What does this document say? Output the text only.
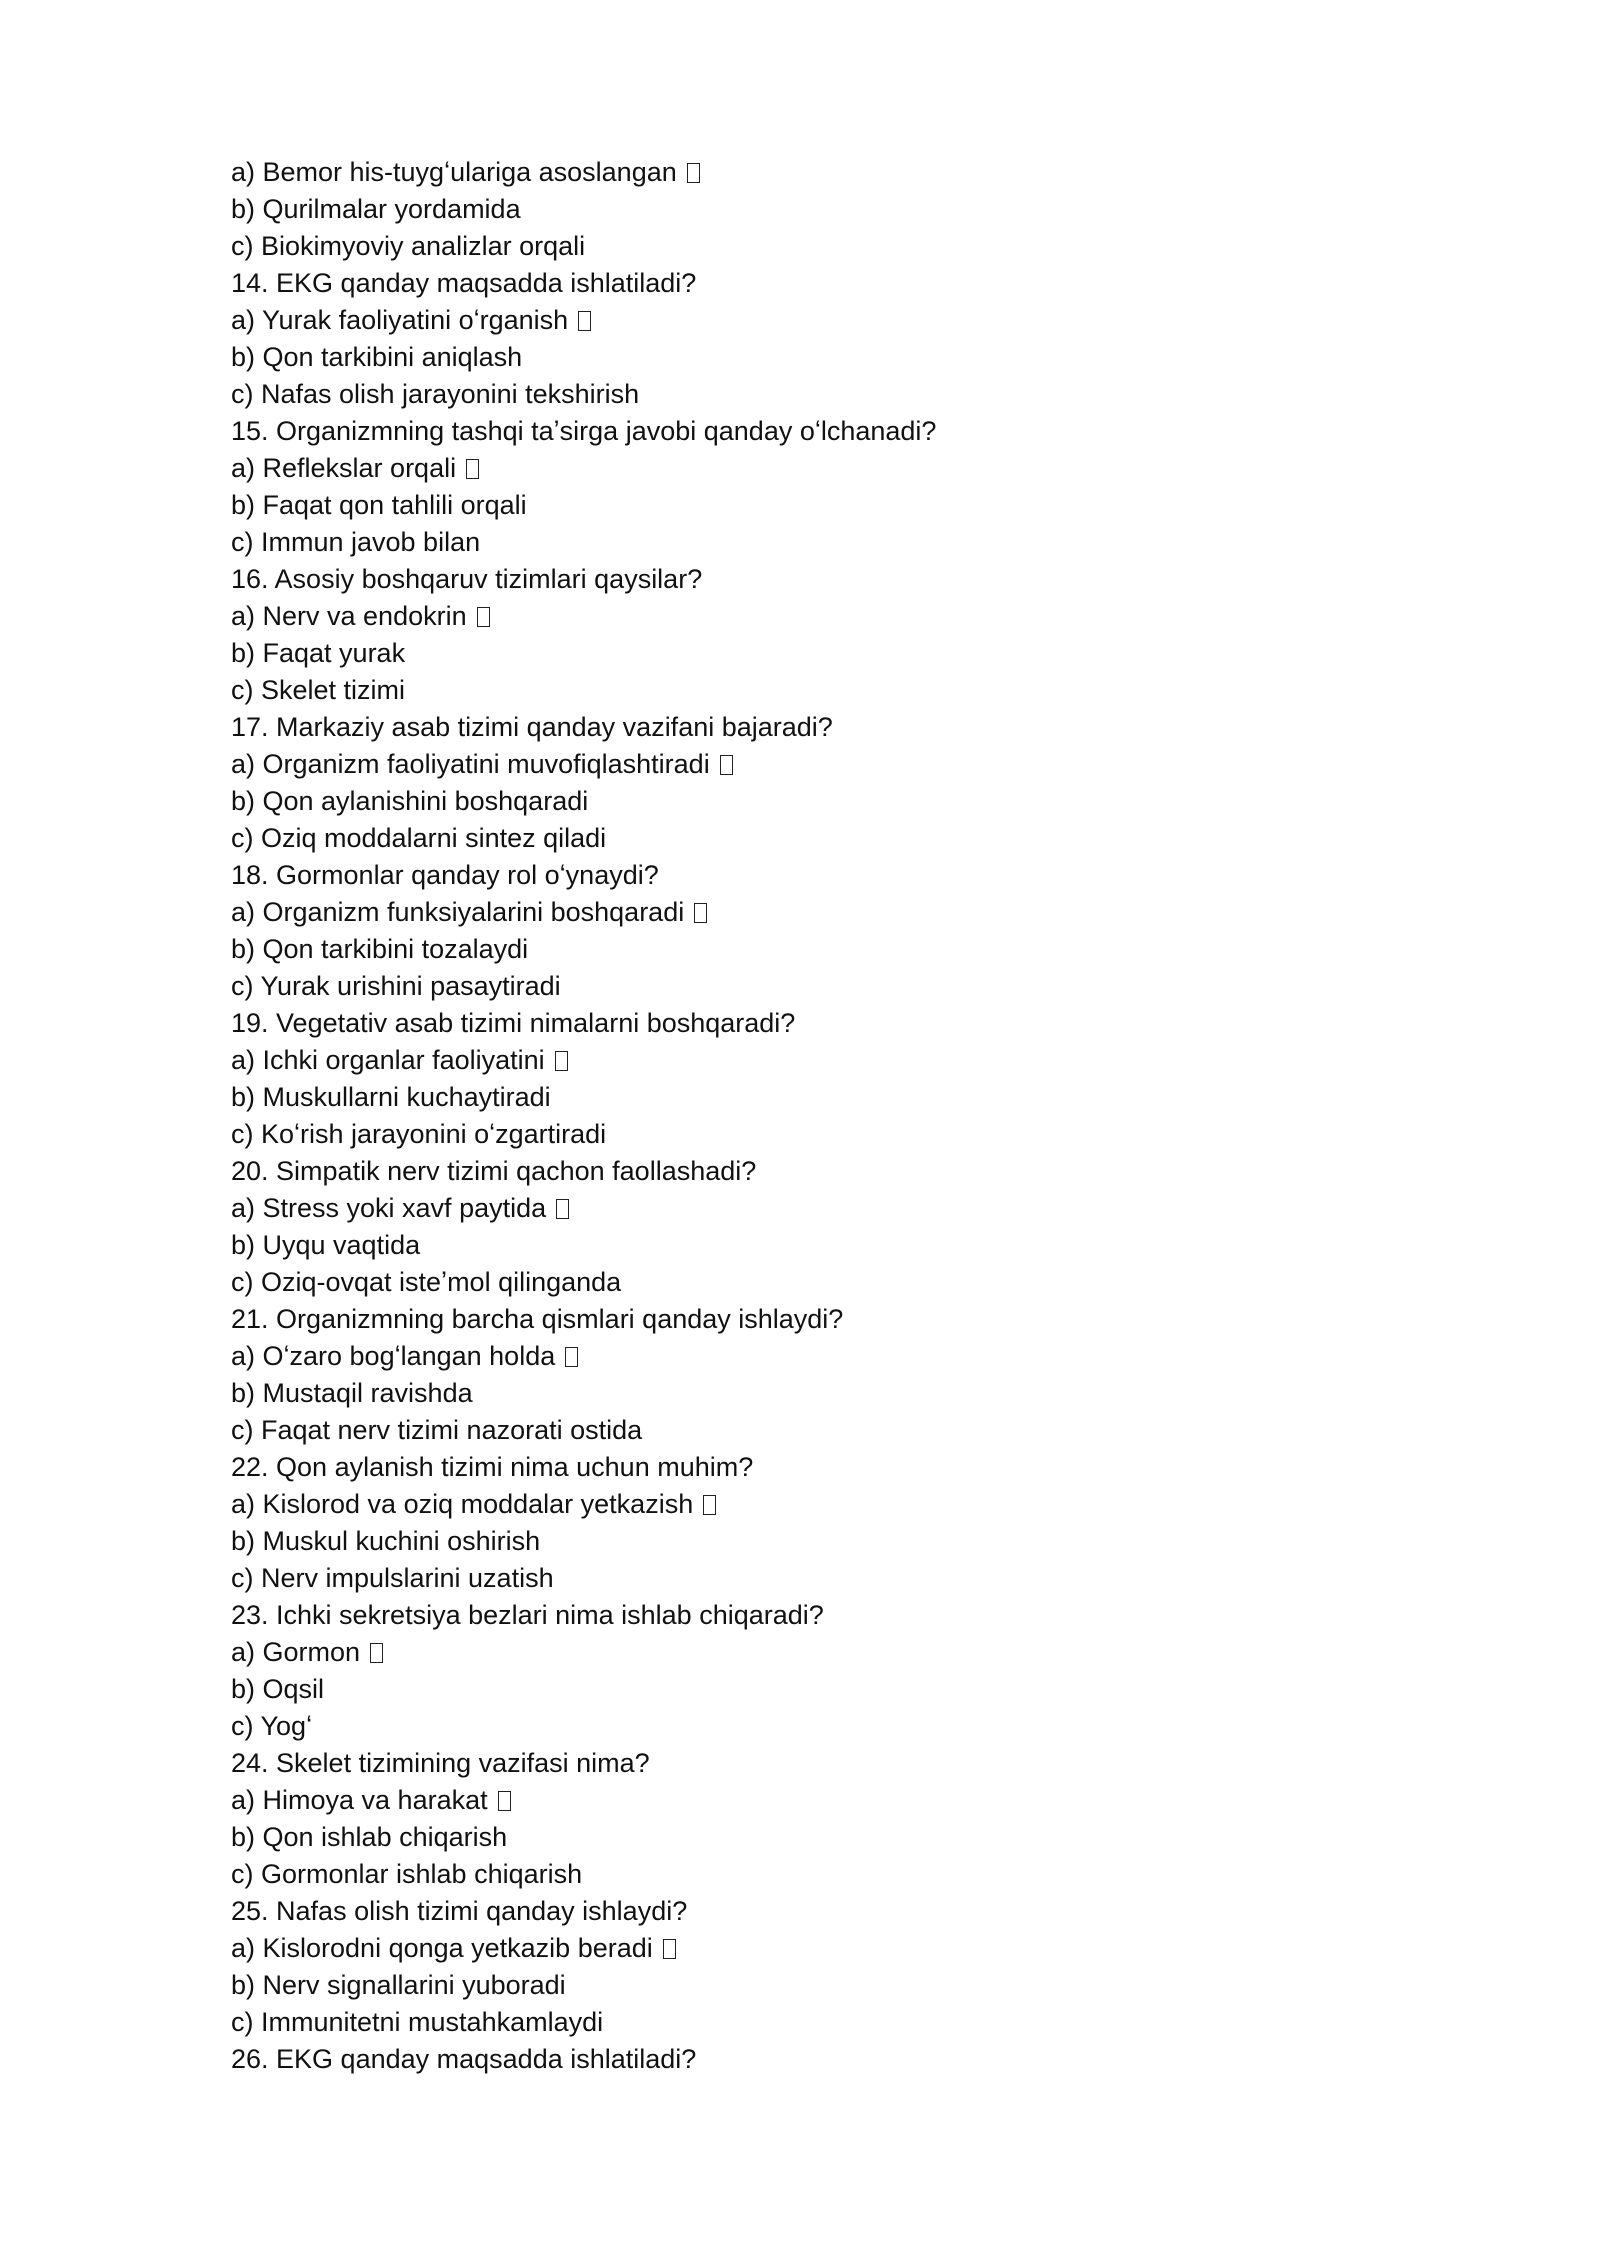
a) Bemor his-tuygʻulariga asoslangan
b) Qurilmalar yordamida
c) Biokimyoviy analizlar orqali
14. EKG qanday maqsadda ishlatiladi?
a) Yurak faoliyatini oʻrganish
b) Qon tarkibini aniqlash
c) Nafas olish jarayonini tekshirish
15. Organizmning tashqi taʼsirga javobi qanday oʻlchanadi?
a) Reflekslar orqali
b) Faqat qon tahlili orqali
c) Immun javob bilan
16. Asosiy boshqaruv tizimlari qaysilar?
a) Nerv va endokrin
b) Faqat yurak
c) Skelet tizimi
17. Markaziy asab tizimi qanday vazifani bajaradi?
a) Organizm faoliyatini muvofiqlashtiradi
b) Qon aylanishini boshqaradi
c) Oziq moddalarni sintez qiladi
18. Gormonlar qanday rol oʻynaydi?
a) Organizm funksiyalarini boshqaradi
b) Qon tarkibini tozalaydi
c) Yurak urishini pasaytiradi
19. Vegetativ asab tizimi nimalarni boshqaradi?
a) Ichki organlar faoliyatini
b) Muskullarni kuchaytiradi
c) Koʻrish jarayonini oʻzgartiradi
20. Simpatik nerv tizimi qachon faollashadi?
a) Stress yoki xavf paytida
b) Uyqu vaqtida
c) Oziq-ovqat isteʼmol qilinganda
21. Organizmning barcha qismlari qanday ishlaydi?
a) Oʻzaro bogʻlangan holda
b) Mustaqil ravishda
c) Faqat nerv tizimi nazorati ostida
22. Qon aylanish tizimi nima uchun muhim?
a) Kislorod va oziq moddalar yetkazish
b) Muskul kuchini oshirish
c) Nerv impulslarini uzatish
23. Ichki sekretsiya bezlari nima ishlab chiqaradi?
a) Gormon
b) Oqsil
c) Yogʻ
24. Skelet tizimining vazifasi nima?
a) Himoya va harakat
b) Qon ishlab chiqarish
c) Gormonlar ishlab chiqarish
25. Nafas olish tizimi qanday ishlaydi?
a) Kislorodni qonga yetkazib beradi
b) Nerv signallarini yuboradi
c) Immunitetni mustahkamlaydi
26. EKG qanday maqsadda ishlatiladi?
